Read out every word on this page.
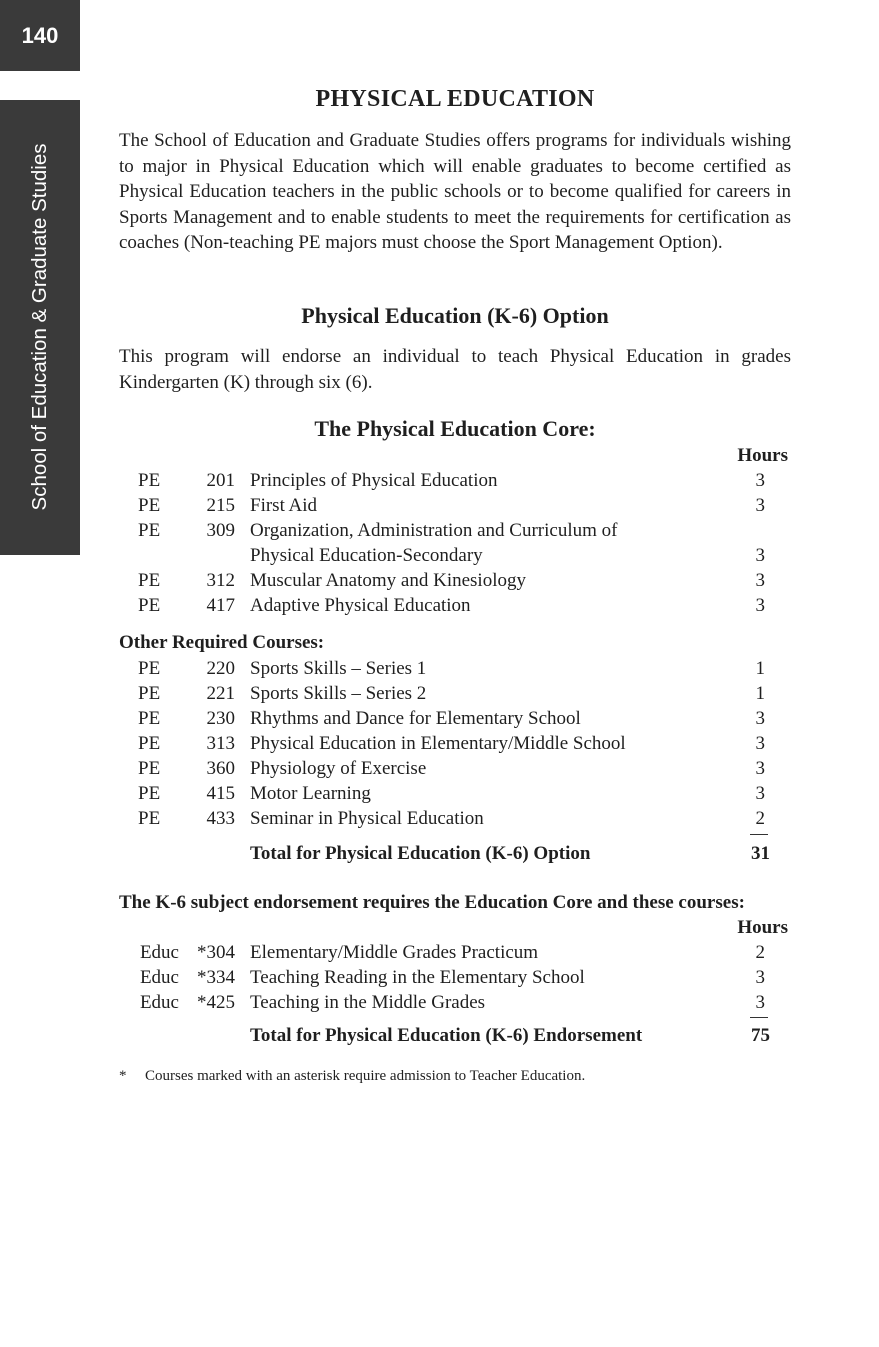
140
School of Education & Graduate Studies
PHYSICAL EDUCATION

The School of Education and Graduate Studies offers programs for individuals wishing to major in Physical Education which will enable graduates to become certified as Physical Education teachers in the public schools or to become qualified for careers in Sports Management and to enable students to meet the requirements for certification as coaches (Non-teaching PE majors must choose the Sport Management Option).

Physical Education (K-6) Option

This program will endorse an individual to teach Physical Education in grades Kindergarten (K) through six (6).

The Physical Education Core:
Hours
PE 201 Principles of Physical Education	3
PE 215 First Aid	3
PE 309 Organization, Administration and Curriculum of
Physical Education-Secondary	3
PE 312 Muscular Anatomy and Kinesiology	3
PE 417 Adaptive Physical Education	3
Other Required Courses:
PE 220 Sports Skills – Series 1	1
PE 221 Sports Skills – Series 2	1
PE 230 Rhythms and Dance for Elementary School	3
PE 313 Physical Education in Elementary/Middle School	3
PE 360 Physiology of Exercise	3
PE 415 Motor Learning	3
PE 433 Seminar in Physical Education	2
Total for Physical Education (K-6) Option	31
The K-6 subject endorsement requires the Education Core and these courses:
Hours
Educ *304 Elementary/Middle Grades Practicum	2
Educ *334 Teaching Reading in the Elementary School	3
Educ *425 Teaching in the Middle Grades	3
Total for Physical Education (K-6) Endorsement	75
* Courses marked with an asterisk require admission to Teacher Education.
